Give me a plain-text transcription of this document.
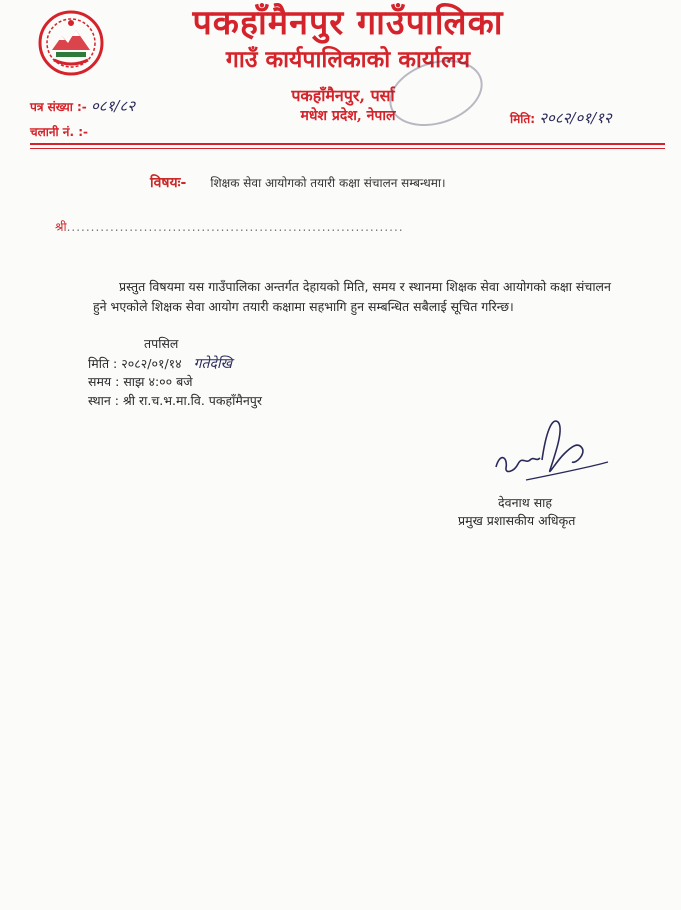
पकहाँमैनपुर गाउँपालिका
गाउँ कार्यपालिकाको कार्यालय
पकहाँमैनपुर, पर्सा
मधेश प्रदेश, नेपाल
पत्र संख्या :- ०८१/८२
चलानी नं. :-
मिति: २०८२/०१/१२
विषयः- शिक्षक सेवा आयोगको तयारी कक्षा संचालन सम्बन्धमा।
श्री......................................................................
प्रस्तुत विषयमा यस गाउँपालिका अन्तर्गत देहायको मिति, समय र स्थानमा शिक्षक सेवा आयोगको कक्षा संचालन हुने भएकोले शिक्षक सेवा आयोग तयारी कक्षामा सहभागि हुन सम्बन्धित सबैलाई सूचित गरिन्छ।
तपसिल
मिति : २०८२/०१/१४ गतेदेखि
समय : साझ ४:०० बजे
स्थान : श्री रा.च.भ.मा.वि. पकहाँमैनपुर
देवनाथ साह
प्रमुख प्रशासकीय अधिकृत
